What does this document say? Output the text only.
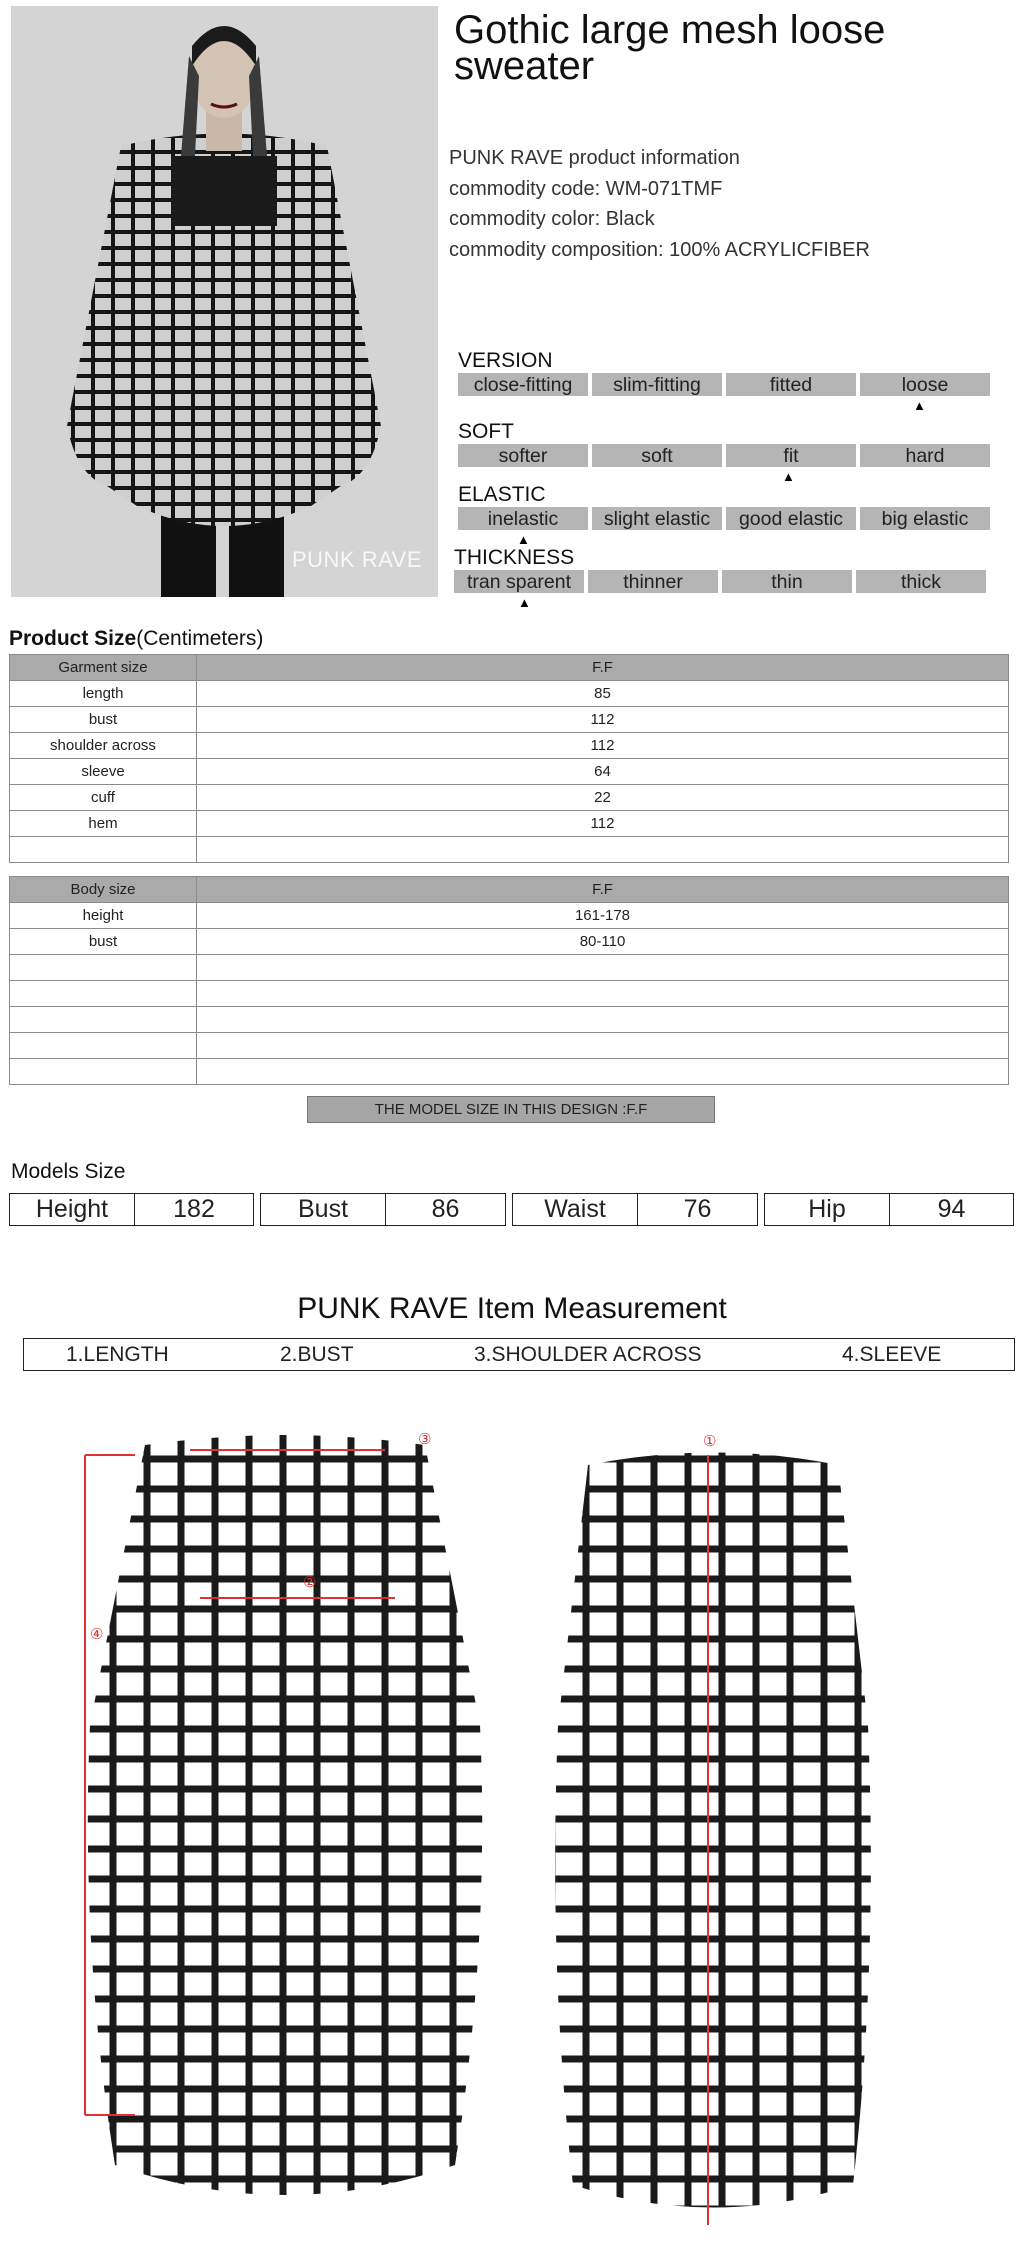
PUNK RAVE
Gothic large mesh loose sweater
PUNK RAVE product information
commodity code: WM-071TMF
commodity color: Black
commodity composition: 100% ACRYLICFIBER
VERSION
close-fitting	slim-fitting	fitted	loose
▲
SOFT
softer	soft	fit	hard
▲
ELASTIC
inelastic	slight elastic	good elastic	big elastic
▲
THICKNESS
tran sparent	thinner	thin	thick
▲
Product Size(Centimeters)
Garment size	F.F
length	85
bust	112
shoulder across	112
sleeve	64
cuff	22
hem	112

Body size	F.F
height	161-178
bust	80-110

THE MODEL SIZE IN THIS DESIGN :F.F
Models Size
Height	182	Bust	86	Waist	76	Hip	94
PUNK RAVE Item Measurement
1.LENGTH	2.BUST	3.SHOULDER ACROSS	4.SLEEVE
④
②
③	①
